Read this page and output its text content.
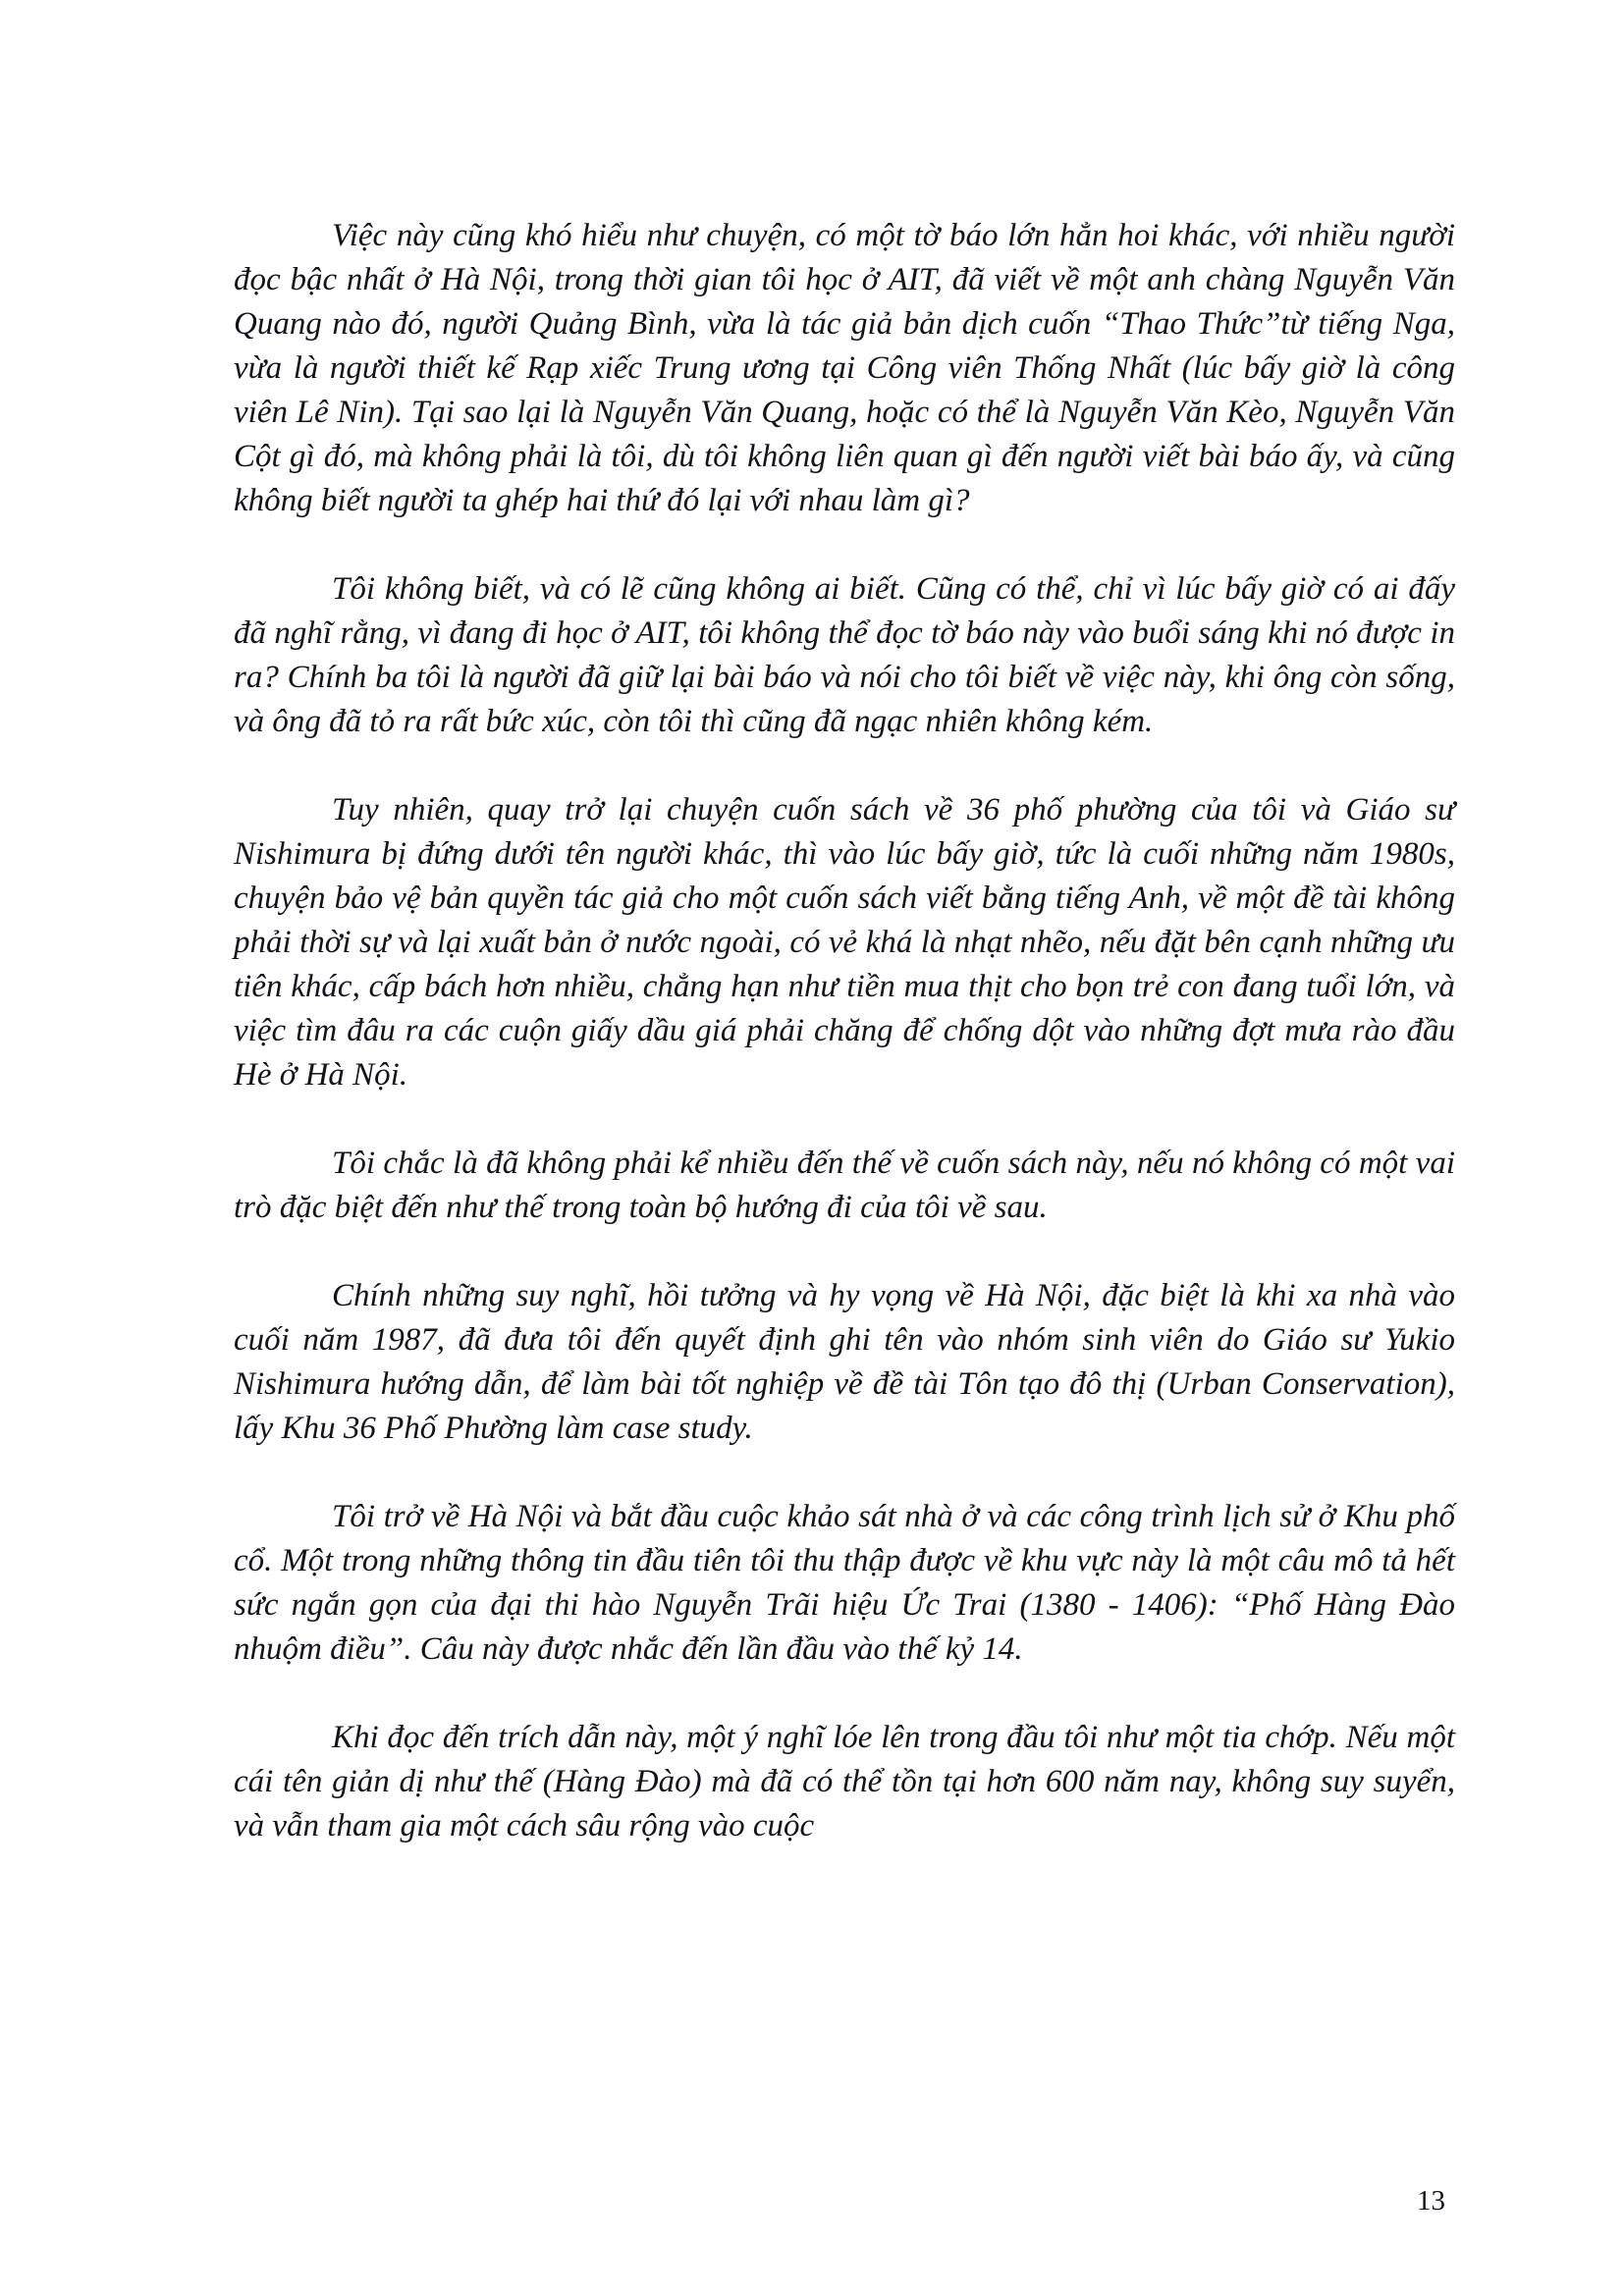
Việc này cũng khó hiểu như chuyện, có một tờ báo lớn hẳn hoi khác, với nhiều người đọc bậc nhất ở Hà Nội, trong thời gian tôi học ở AIT, đã viết về một anh chàng Nguyễn Văn Quang nào đó, người Quảng Bình, vừa là tác giả bản dịch cuốn “Thao Thức”từ tiếng Nga, vừa là người thiết kế Rạp xiếc Trung ương tại Công viên Thống Nhất (lúc bấy giờ là công viên Lê Nin). Tại sao lại là Nguyễn Văn Quang, hoặc có thể là Nguyễn Văn Kèo, Nguyễn Văn Cột gì đó, mà không phải là tôi, dù tôi không liên quan gì đến người viết bài báo ấy, và cũng không biết người ta ghép hai thứ đó lại với nhau làm gì?

Tôi không biết, và có lẽ cũng không ai biết. Cũng có thể, chỉ vì lúc bấy giờ có ai đấy đã nghĩ rằng, vì đang đi học ở AIT, tôi không thể đọc tờ báo này vào buổi sáng khi nó được in ra? Chính ba tôi là người đã giữ lại bài báo và nói cho tôi biết về việc này, khi ông còn sống, và ông đã tỏ ra rất bức xúc, còn tôi thì cũng đã ngạc nhiên không kém.

Tuy nhiên, quay trở lại chuyện cuốn sách về 36 phố phường của tôi và Giáo sư Nishimura bị đứng dưới tên người khác, thì vào lúc bấy giờ, tức là cuối những năm 1980s, chuyện bảo vệ bản quyền tác giả cho một cuốn sách viết bằng tiếng Anh, về một đề tài không phải thời sự và lại xuất bản ở nước ngoài, có vẻ khá là nhạt nhẽo, nếu đặt bên cạnh những ưu tiên khác, cấp bách hơn nhiều, chẳng hạn như tiền mua thịt cho bọn trẻ con đang tuổi lớn, và việc tìm đâu ra các cuộn giấy dầu giá phải chăng để chống dột vào những đợt mưa rào đầu Hè ở Hà Nội.

Tôi chắc là đã không phải kể nhiều đến thế về cuốn sách này, nếu nó không có một vai trò đặc biệt đến như thế trong toàn bộ hướng đi của tôi về sau.

Chính những suy nghĩ, hồi tưởng và hy vọng về Hà Nội, đặc biệt là khi xa nhà vào cuối năm 1987, đã đưa tôi đến quyết định ghi tên vào nhóm sinh viên do Giáo sư Yukio Nishimura hướng dẫn, để làm bài tốt nghiệp về đề tài Tôn tạo đô thị (Urban Conservation), lấy Khu 36 Phố Phường làm case study.

Tôi trở về Hà Nội và bắt đầu cuộc khảo sát nhà ở và các công trình lịch sử ở Khu phố cổ. Một trong những thông tin đầu tiên tôi thu thập được về khu vực này là một câu mô tả hết sức ngắn gọn của đại thi hào Nguyễn Trãi hiệu Ức Trai (1380 - 1406): “Phố Hàng Đào nhuộm điều”. Câu này được nhắc đến lần đầu vào thế kỷ 14.

Khi đọc đến trích dẫn này, một ý nghĩ lóe lên trong đầu tôi như một tia chớp. Nếu một cái tên giản dị như thế (Hàng Đào) mà đã có thể tồn tại hơn 600 năm nay, không suy suyển, và vẫn tham gia một cách sâu rộng vào cuộc

13
